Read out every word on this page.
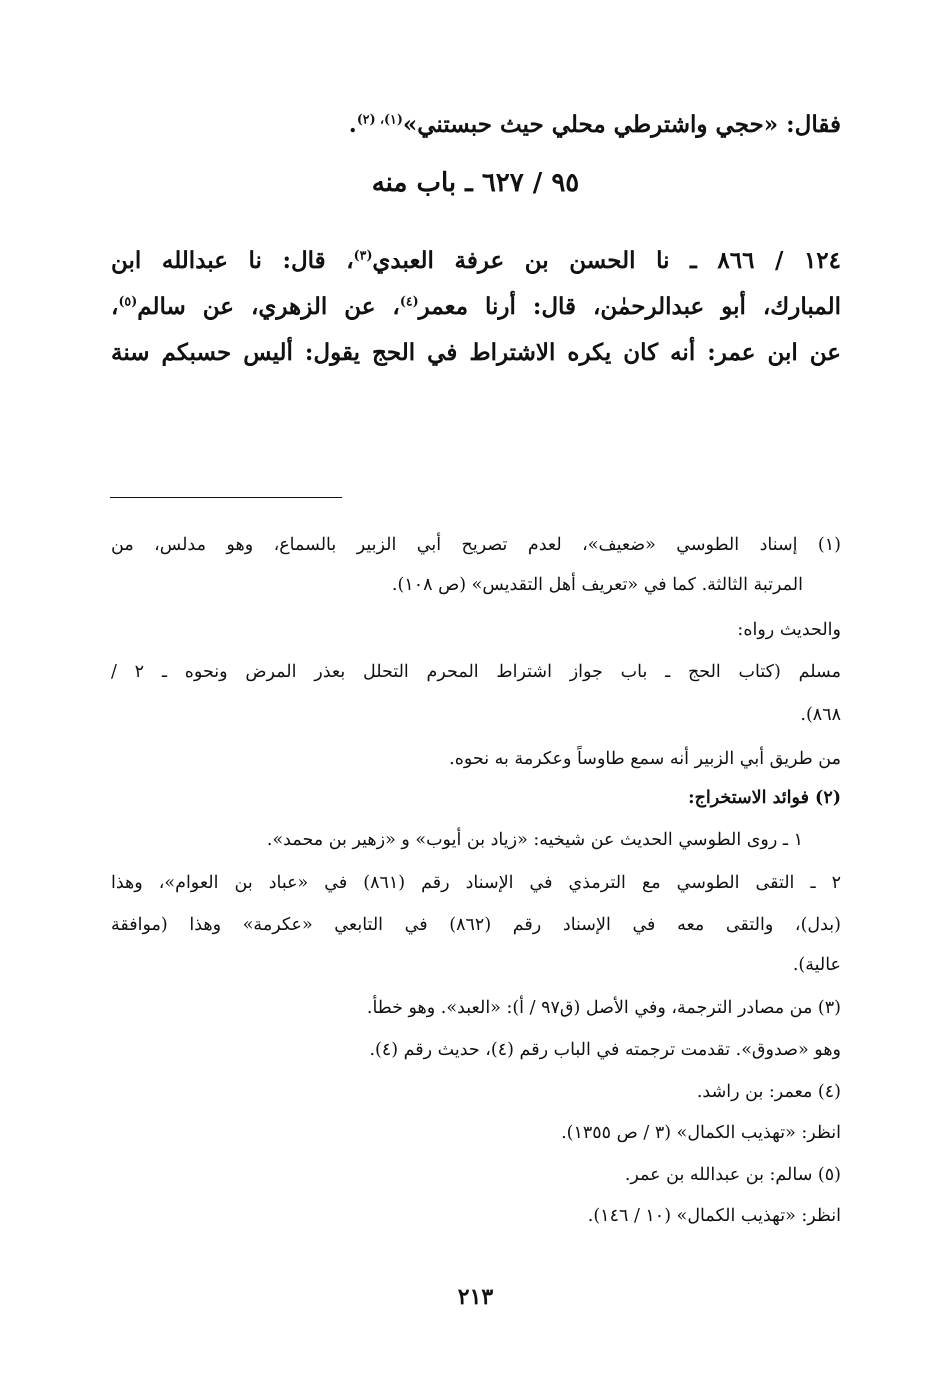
فقال: «حجي واشترطي محلي حيث حبستني»$^{(١)، (٢)}$.

٩٥ / ٦٢٧ ـ باب منه

١٢٤ / ٨٦٦ ـ نا الحسن بن عرفة العبدي$^{(٣)}$، قال: نا عبدالله ابن

المبارك، أبو عبدالرحمٰن، قال: أرنا معمر$^{(٤)}$، عن الزهري، عن سالم$^{(٥)}$،

عن ابن عمر: أنه كان يكره الاشتراط في الحج يقول: أليس حسبكم سنة

(١) إسناد الطوسي «ضعيف»، لعدم تصريح أبي الزبير بالسماع، وهو مدلس، من

المرتبة الثالثة. كما في «تعريف أهل التقديس» (ص ١٠٨).

والحديث رواه:

مسلم (كتاب الحج ـ باب جواز اشتراط المحرم التحلل بعذر المرض ونحوه ـ ٢ /

٨٦٨).

من طريق أبي الزبير أنه سمع طاوساً وعكرمة به نحوه.

(٢) فوائد الاستخراج:

١ ـ روى الطوسي الحديث عن شيخيه: «زياد بن أيوب» و «زهير بن محمد».

٢ ـ التقى الطوسي مع الترمذي في الإسناد رقم (٨٦١) في «عباد بن العوام»، وهذا

(بدل)، والتقى معه في الإسناد رقم (٨٦٢) في التابعي «عكرمة» وهذا (موافقة

عالية).

(٣) من مصادر الترجمة، وفي الأصل (ق٩٧ / أ): «العبد». وهو خطأ.

وهو «صدوق». تقدمت ترجمته في الباب رقم (٤)، حديث رقم (٤).

(٤) معمر: بن راشد.

انظر: «تهذيب الكمال» (٣ / ص ١٣٥٥).

(٥) سالم: بن عبدالله بن عمر.

انظر: «تهذيب الكمال» (١٠ / ١٤٦).

٢١٣
